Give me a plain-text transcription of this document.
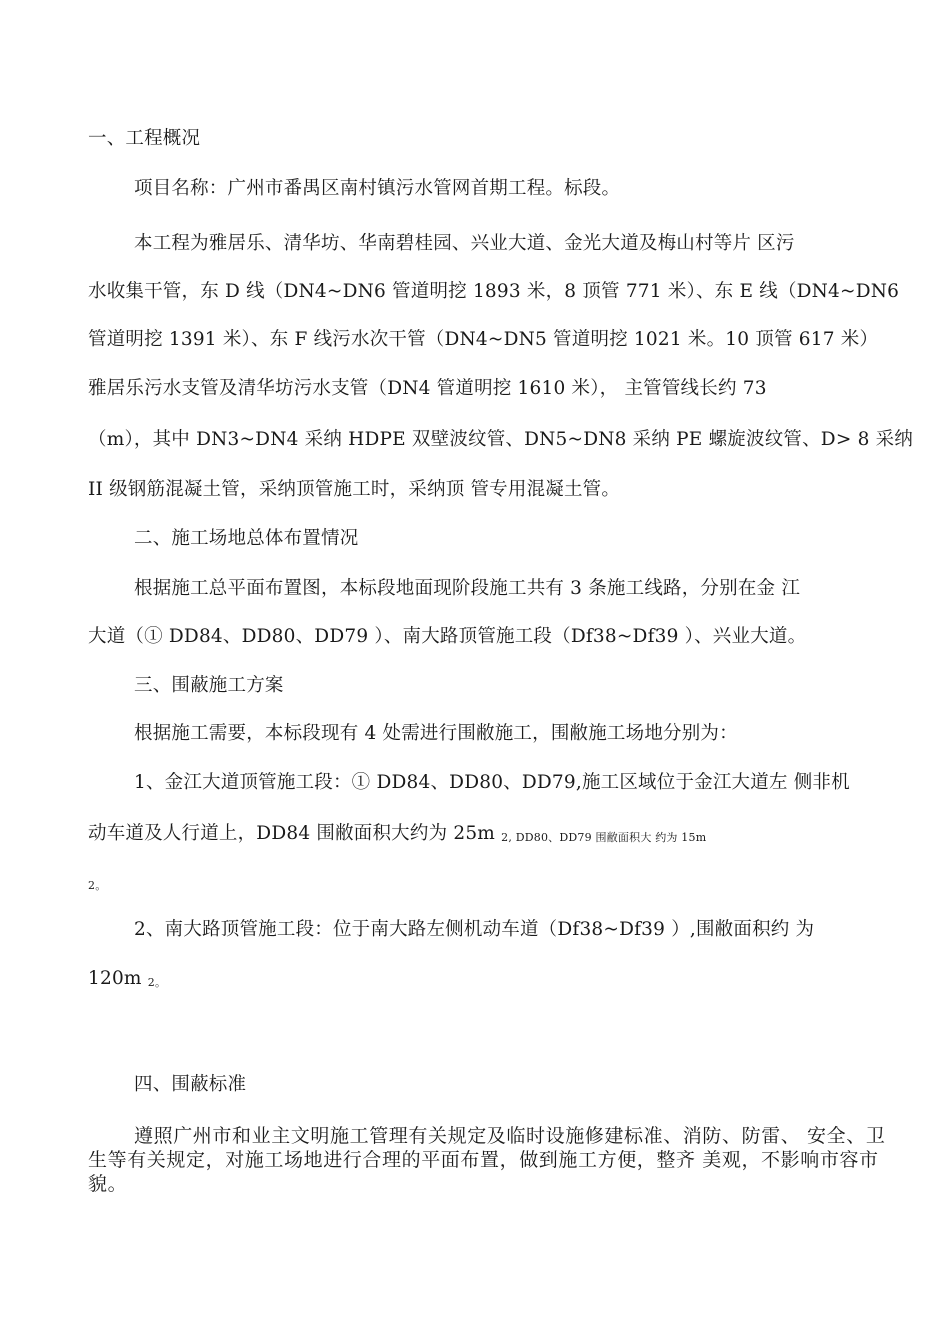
一、工程概况
项目名称：广州市番禺区南村镇污水管网首期工程。标段。
本工程为雅居乐、清华坊、华南碧桂园、兴业大道、金光大道及梅山村等片 区污
水收集干管，东 D 线（DN4~DN6 管道明挖 1893 米，8 顶管 771 米）、东 E 线（DN4~DN6
管道明挖 1391 米）、东 F 线污水次干管（DN4~DN5 管道明挖 1021 米。10 顶管 617 米）
雅居乐污水支管及清华坊污水支管（DN4 管道明挖 1610 米）， 主管管线长约 73
（m），其中 DN3~DN4 采纳 HDPE 双壁波纹管、DN5~DN8 采纳 PE 螺旋波纹管、D> 8 采纳
II 级钢筋混凝土管，采纳顶管施工时，采纳顶 管专用混凝土管。
二、施工场地总体布置情况
根据施工总平面布置图，本标段地面现阶段施工共有 3 条施工线路，分别在金 江
大道（① DD84、DD80、DD79 ）、南大路顶管施工段（Df38~Df39 ）、兴业大道。
三、围蔽施工方案
根据施工需要，本标段现有 4 处需进行围敝施工，围敝施工场地分别为：
1、金江大道顶管施工段：① DD84、DD80、DD79,施工区域位于金江大道左 侧非机
动车道及人行道上，DD84 围敝面积大约为 25m 2, DD80、DD79 围敝面积大 约为 15m
2。
2、南大路顶管施工段：位于南大路左侧机动车道（Df38~Df39 ）,围敝面积约 为
120m 2。
四、围蔽标准
遵照广州市和业主文明施工管理有关规定及临时设施修建标准、消防、防雷、 安全、卫生等有关规定，对施工场地进行合理的平面布置，做到施工方便，整齐 美观，不影响市容市貌。
